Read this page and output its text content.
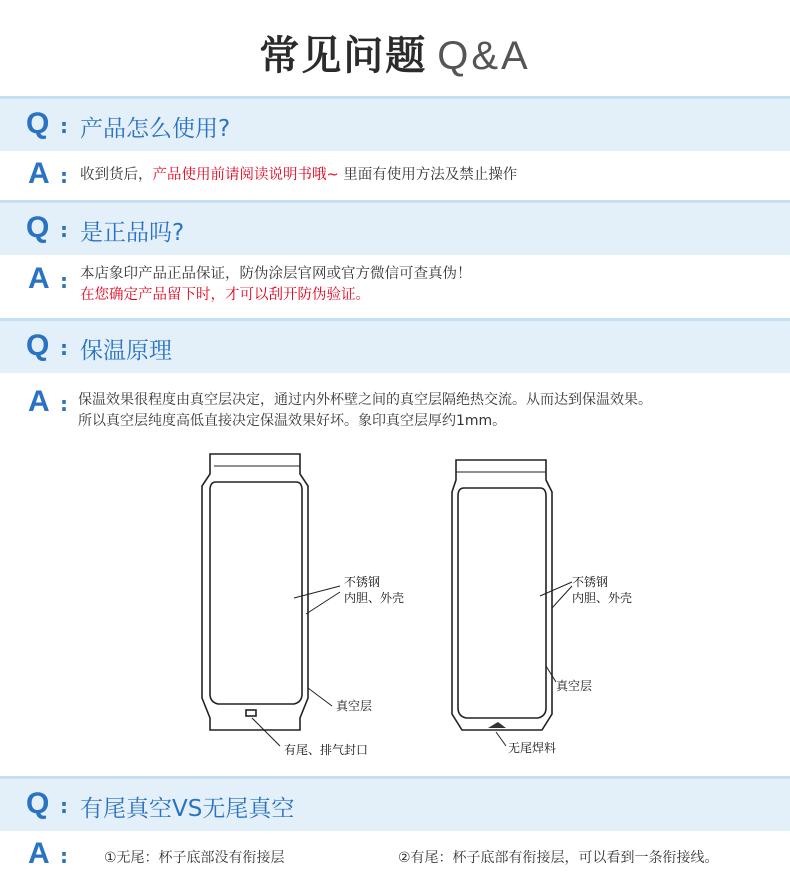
常见问题 Q&A
Q : 产品怎么使用?
A : 收到货后，产品使用前请阅读说明书哦~ 里面有使用方法及禁止操作
Q : 是正品吗?
A : 本店象印产品正品保证，防伪涂层官网或官方微信可查真伪！
在您确定产品留下时，才可以刮开防伪验证。
Q : 保温原理
A : 保温效果很程度由真空层决定，通过内外杯壁之间的真空层隔绝热交流。从而达到保温效果。
所以真空层纯度高低直接决定保温效果好坏。象印真空层厚约1mm。
不锈钢
内胆、外壳
真空层
有尾、排气封口
不锈钢
内胆、外壳
真空层
无尾焊料
Q : 有尾真空VS无尾真空
A :	①无尾：杯子底部没有衔接层	②有尾：杯子底部有衔接层，可以看到一条衔接线。
